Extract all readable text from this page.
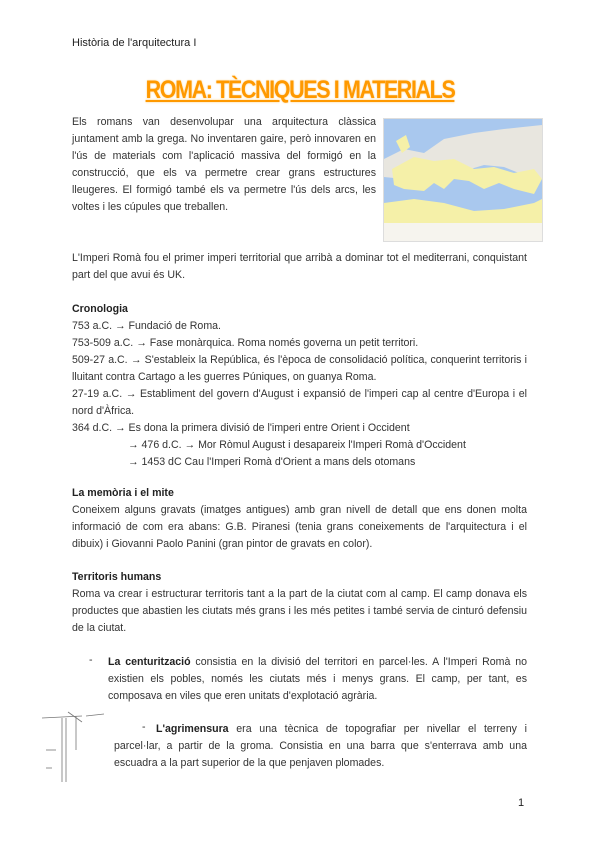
Història de l'arquitectura I
ROMA: TÈCNIQUES I MATERIALS

Els romans van desenvolupar una arquitectura clàssica juntament amb la grega. No inventaren gaire, però innovaren en l'ús de materials com l'aplicació massiva del formigó en la construcció, que els va permetre crear grans estructures lleugeres. El formigó també els va permetre l'ús dels arcs, les voltes i les cúpules que treballen.

L'Imperi Romà fou el primer imperi territorial que arribà a dominar tot el mediterrani, conquistant part del que avui és UK.

Cronologia

753 a.C. → Fundació de Roma.

753-509 a.C. → Fase monàrquica. Roma només governa un petit territori.

509-27 a.C. → S'estableix la República, és l'època de consolidació política, conquerint territoris i lluitant contra Cartago a les guerres Púniques, on guanya Roma.

27-19 a.C. → Establiment del govern d'August i expansió de l'imperi cap al centre d'Europa i el nord d'Àfrica.

364 d.C. → Es dona la primera divisió de l'imperi entre Orient i Occident

→ 476 d.C. → Mor Ròmul August i desapareix l'Imperi Romà d'Occident

→ 1453 dC Cau l'Imperi Romà d'Orient a mans dels otomans

La memòria i el mite

Coneixem alguns gravats (imatges antigues) amb gran nivell de detall que ens donen molta informació de com era abans: G.B. Piranesi (tenia grans coneixements de l'arquitectura i el dibuix) i Giovanni Paolo Panini (gran pintor de gravats en color).

Territoris humans

Roma va crear i estructurar territoris tant a la part de la ciutat com al camp. El camp donava els productes que abastien les ciutats més grans i les més petites i també servia de cinturó defensiu de la ciutat.

- La centurització consistia en la divisió del territori en parcel·les. A l'Imperi Romà no existien els pobles, només les ciutats més i menys grans. El camp, per tant, es composava en viles que eren unitats d'explotació agrària.

- L'agrimensura era una tècnica de topografiar per nivellar el terreny i parcel·lar, a partir de la groma. Consistia en una barra que s'enterrava amb una escuadra a la part superior de la que penjaven plomades.

1
